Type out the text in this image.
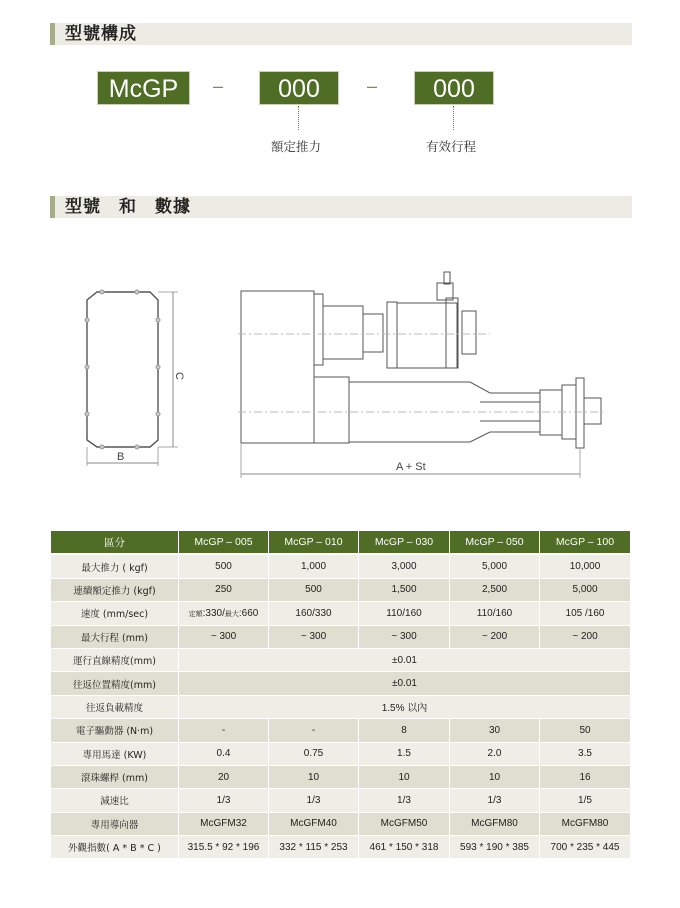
型號構成
McGP	–	000	–	000
額定推力	有效行程
型號　和　數據
C
B
A + St
區分	McGP – 005	McGP – 010	McGP – 030	McGP – 050	McGP – 100
最大推力 ( kgf)	500	1,000	3,000	5,000	10,000
連續額定推力 (kgf)	250	500	1,500	2,500	5,000
速度 (mm/sec)	定額:330/最大:660	160/330	110/160	110/160	105 /160
最大行程 (mm)	~ 300	~ 300	~ 300	~ 200	~ 200
運行直線精度(mm)	±0.01				
往返位置精度(mm)	±0.01				
往返負載精度	1.5% 以內				
電子驅動器 (N·m)	-	-	8	30	50
專用馬達 (KW)	0.4	0.75	1.5	2.0	3.5
滾珠螺桿 (mm)	20	10	10	10	16
減速比	1/3	1/3	1/3	1/3	1/5
專用導向器	McGFM32	McGFM40	McGFM50	McGFM80	McGFM80
外觀指數( A * B * C )	315.5 * 92 * 196	332 * 115 * 253	461 * 150 * 318	593 * 190 * 385	700 * 235 * 445
